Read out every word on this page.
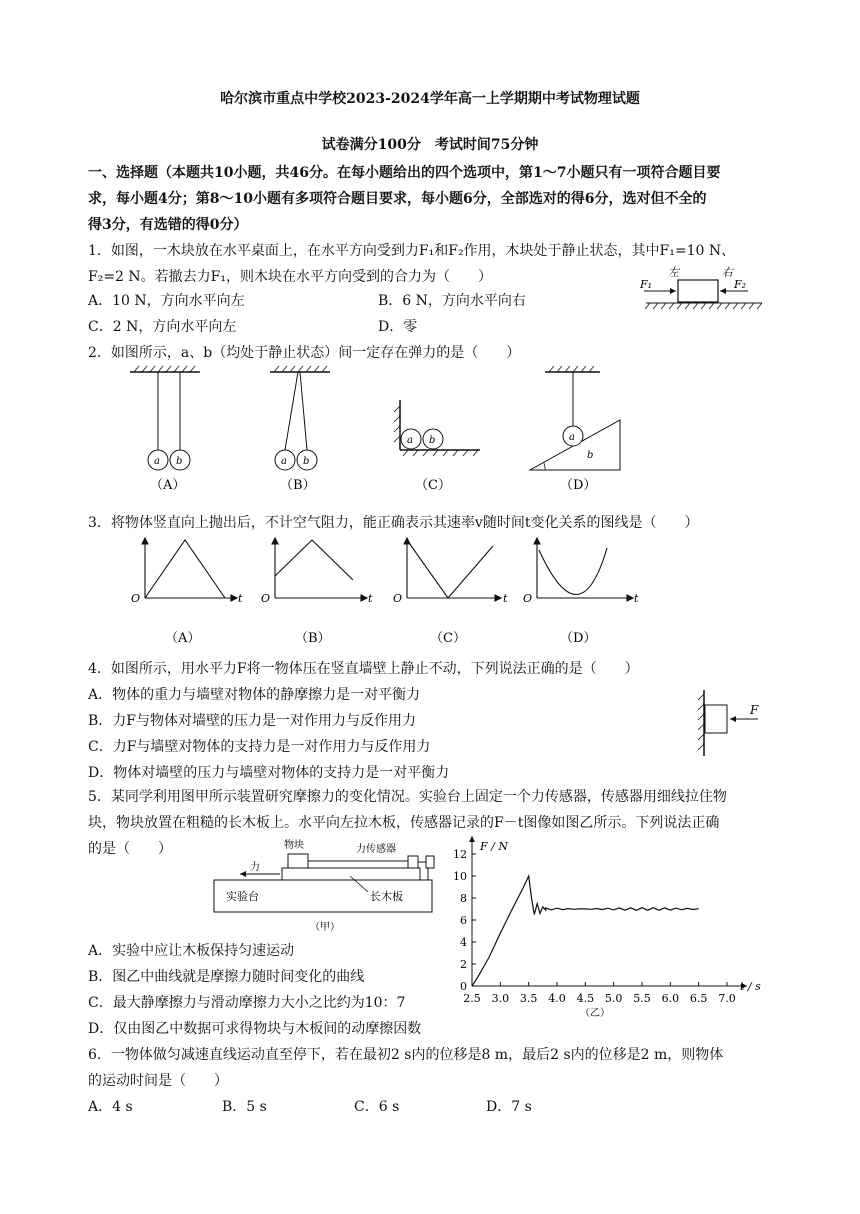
哈尔滨市重点中学校2023-2024学年高一上学期期中考试物理试题
试卷满分100分　考试时间75分钟
一、选择题（本题共10小题，共46分。在每小题给出的四个选项中，第1～7小题只有一项符合题目要
求，每小题4分；第8～10小题有多项符合题目要求，每小题6分，全部选对的得6分，选对但不全的
得3分，有选错的得0分）
1．如图，一木块放在水平桌面上，在水平方向受到力F₁和F₂作用，木块处于静止状态，其中F₁=10 N、
F₂=2 N。若撤去力F₁，则木块在水平方向受到的合力为（　　）
A．10 N，方向水平向左	B．6 N，方向水平向右
C．2 N，方向水平向左	D．零
左	右
F₁	F₂
2．如图所示，a、b（均处于静止状态）间一定存在弹力的是（　　）
a b
（A）
a b
（B）
a b
（C）
a
b
（D）
3．将物体竖直向上抛出后，不计空气阻力，能正确表示其速率v随时间t变化关系的图线是（　　）
O	t O	t O	t O	t
（A）	（B）	（C）	（D）
4．如图所示，用水平力F将一物体压在竖直墙壁上静止不动，下列说法正确的是（　　）
A．物体的重力与墙壁对物体的静摩擦力是一对平衡力
B．力F与物体对墙壁的压力是一对作用力与反作用力
C．力F与墙壁对物体的支持力是一对作用力与反作用力
D．物体对墙壁的压力与墙壁对物体的支持力是一对平衡力
F
5．某同学利用图甲所示装置研究摩擦力的变化情况。实验台上固定一个力传感器，传感器用细线拉住物
块，物块放置在粗糙的长木板上。水平向左拉木板，传感器记录的F－t图像如图乙所示。下列说法正确
的是（　　）	物块	力传感器
力
实验台	长木板
（甲）
A．实验中应让木板保持匀速运动
B．图乙中曲线就是摩擦力随时间变化的曲线
C．最大静摩擦力与滑动摩擦力大小之比约为10：7
D．仅由图乙中数据可求得物块与木板间的动摩擦因数
0
2
4
6
8
10
12
2.5 3.0 3.5 4.0 4.5 5.0 5.5 6.0 6.5 7.0
F / N
t / s
（乙）
6．一物体做匀减速直线运动直至停下，若在最初2 s内的位移是8 m，最后2 s内的位移是2 m，则物体
的运动时间是（　　）
A．4 s	B．5 s	C．6 s	D．7 s
